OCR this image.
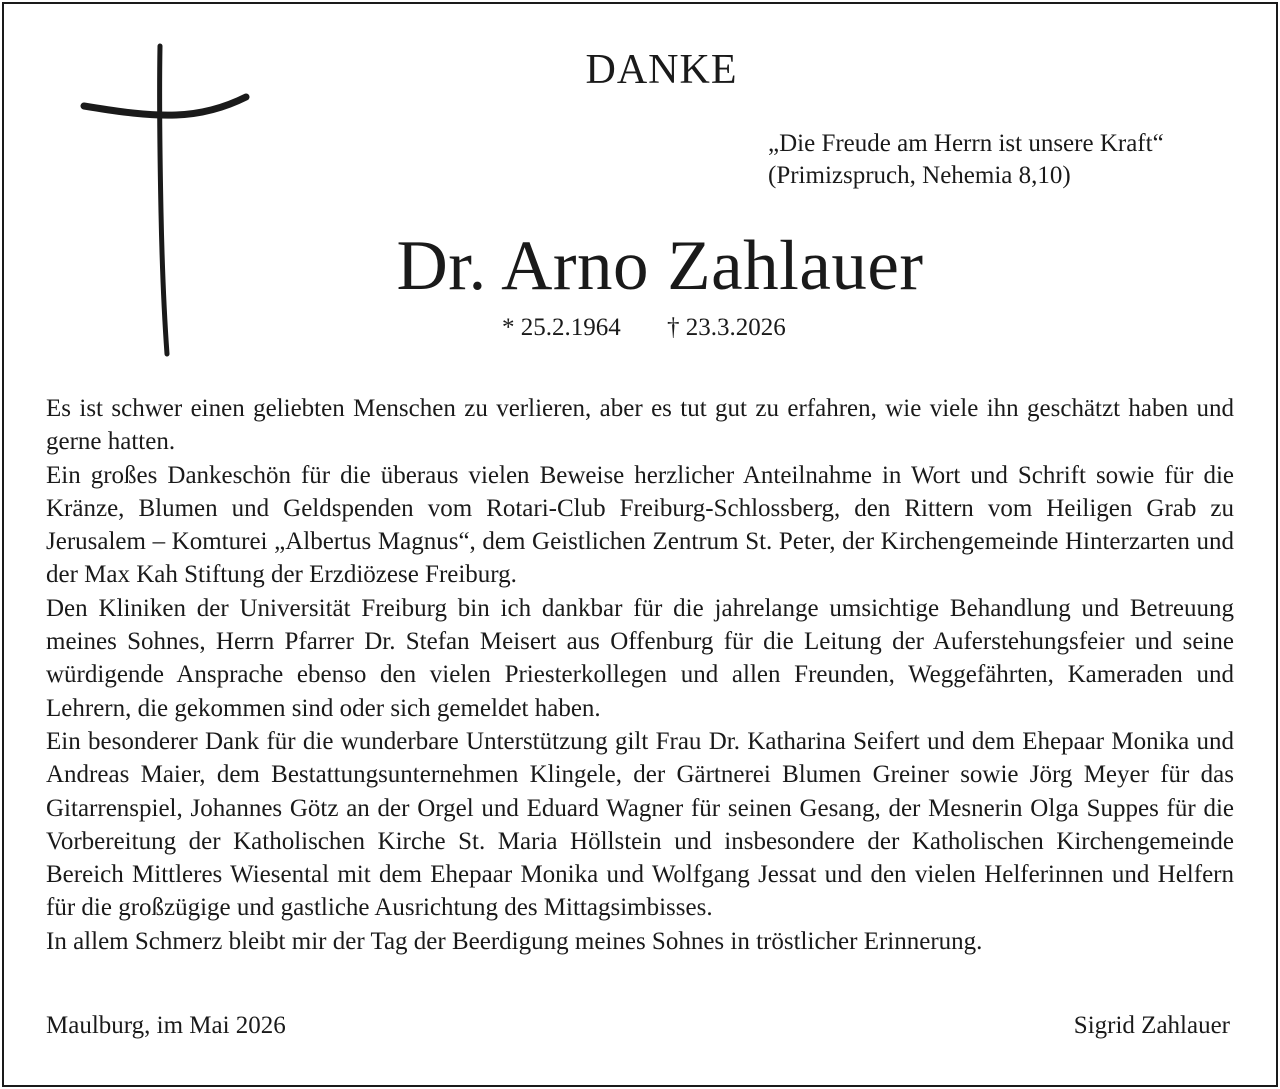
DANKE
„Die Freude am Herrn ist unsere Kraft“
(Primizspruch, Nehemia 8,10)
Dr. Arno Zahlauer
* 25.2.1964 † 23.3.2026

Es ist schwer einen geliebten Menschen zu verlieren, aber es tut gut zu erfahren, wie viele ihn geschätzt haben und gerne hatten.

Ein großes Dankeschön für die überaus vielen Beweise herzlicher Anteilnahme in Wort und Schrift sowie für die Kränze, Blumen und Geldspenden vom Rotari-Club Freiburg-Schlossberg, den Rittern vom Heiligen Grab zu Jerusalem – Komturei „Albertus Magnus“, dem Geistlichen Zentrum St. Peter, der Kirchengemeinde Hinterzarten und der Max Kah Stiftung der Erzdiözese Freiburg.

Den Kliniken der Universität Freiburg bin ich dankbar für die jahrelange umsichtige Behandlung und Betreuung meines Sohnes, Herrn Pfarrer Dr. Stefan Meisert aus Offenburg für die Leitung der Auferstehungsfeier und seine würdigende Ansprache ebenso den vielen Priesterkollegen und allen Freunden, Weggefährten, Kameraden und Lehrern, die gekommen sind oder sich gemeldet haben.

Ein besonderer Dank für die wunderbare Unterstützung gilt Frau Dr. Katharina Seifert und dem Ehepaar Monika und Andreas Maier, dem Bestattungsunternehmen Klingele, der Gärtnerei Blumen Greiner sowie Jörg Meyer für das Gitarrenspiel, Johannes Götz an der Orgel und Eduard Wagner für seinen Gesang, der Mesnerin Olga Suppes für die Vorbereitung der Katholischen Kirche St. Maria Höllstein und insbesondere der Katholischen Kirchengemeinde Bereich Mittleres Wiesental mit dem Ehepaar Monika und Wolfgang Jessat und den vielen Helferinnen und Helfern für die großzügige und gastliche Ausrichtung des Mittagsimbisses.

In allem Schmerz bleibt mir der Tag der Beerdigung meines Sohnes in tröstlicher Erinnerung.

Maulburg, im Mai 2026	Sigrid Zahlauer
